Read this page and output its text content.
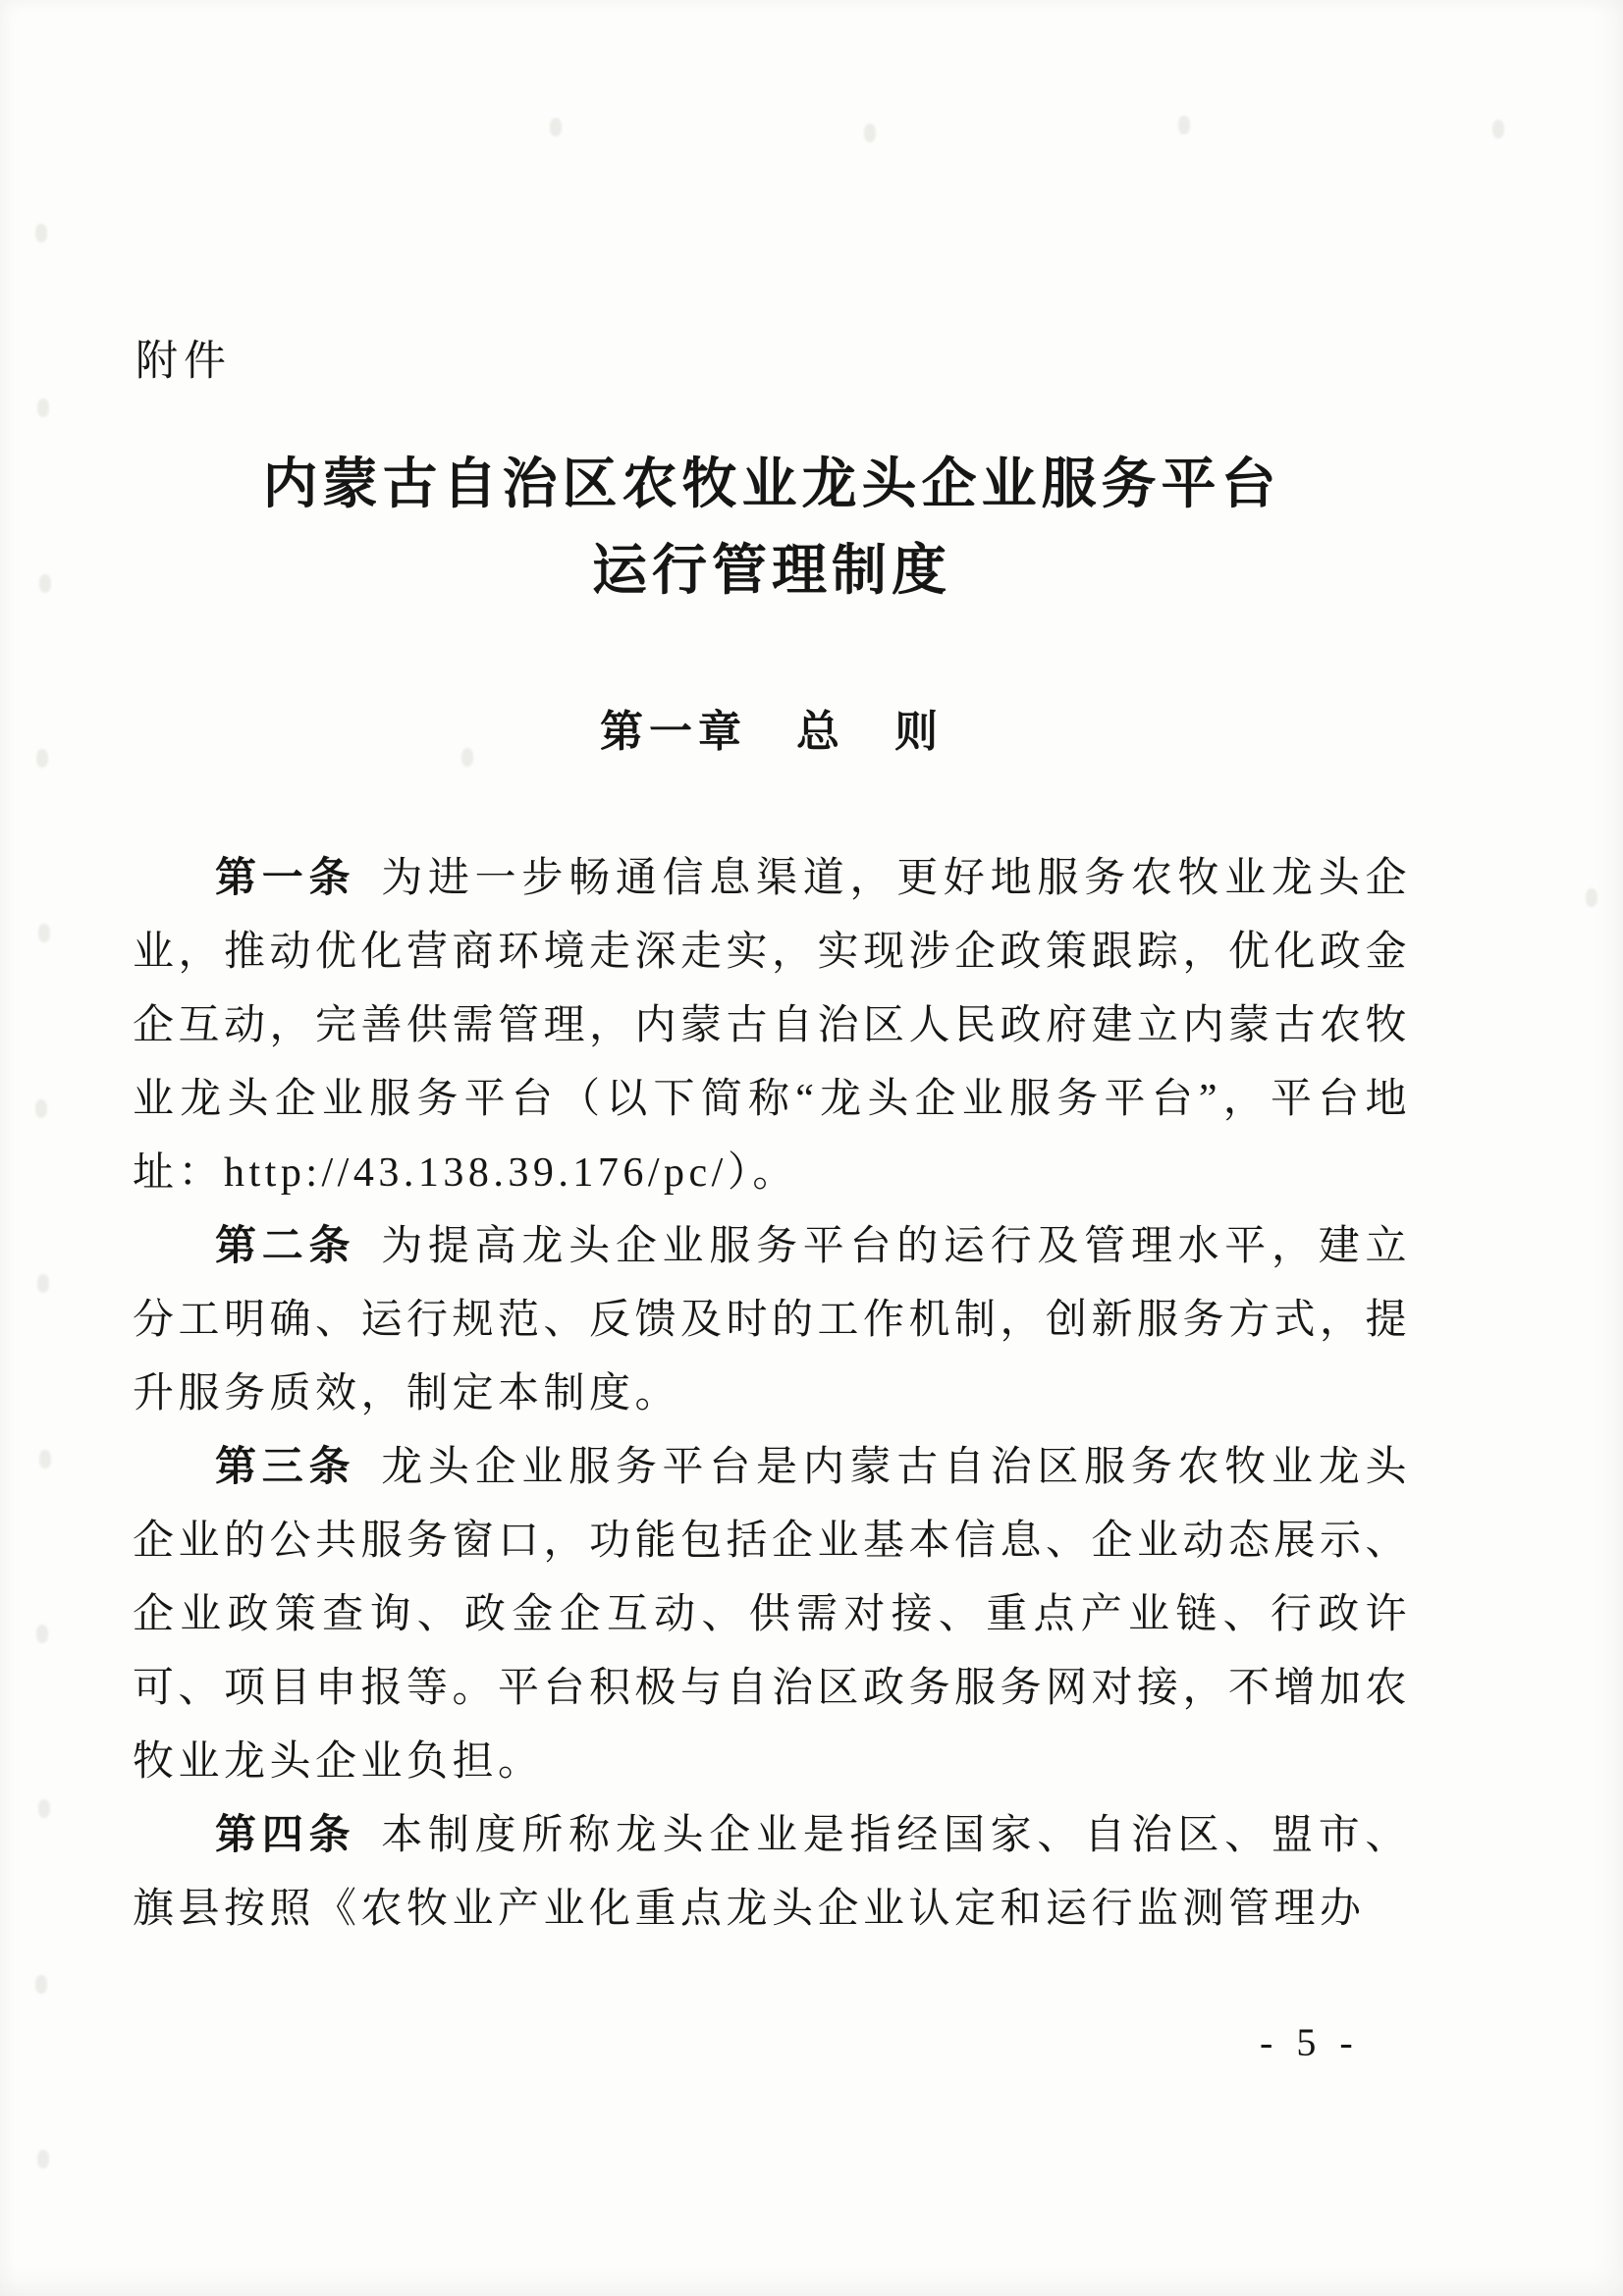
附件
内蒙古自治区农牧业龙头企业服务平台
运行管理制度
第一章　总　则

第一条 为进一步畅通信息渠道，更好地服务农牧业龙头企业，推动优化营商环境走深走实，实现涉企政策跟踪，优化政金企互动，完善供需管理，内蒙古自治区人民政府建立内蒙古农牧业龙头企业服务平台（以下简称“龙头企业服务平台”，平台地址：http://43.138.39.176/pc/）。

第二条 为提高龙头企业服务平台的运行及管理水平，建立分工明确、运行规范、反馈及时的工作机制，创新服务方式，提升服务质效，制定本制度。

第三条 龙头企业服务平台是内蒙古自治区服务农牧业龙头企业的公共服务窗口，功能包括企业基本信息、企业动态展示、企业政策查询、政金企互动、供需对接、重点产业链、行政许可、项目申报等。平台积极与自治区政务服务网对接，不增加农牧业龙头企业负担。

第四条 本制度所称龙头企业是指经国家、自治区、盟市、旗县按照《农牧业产业化重点龙头企业认定和运行监测管理办

- 5 -
